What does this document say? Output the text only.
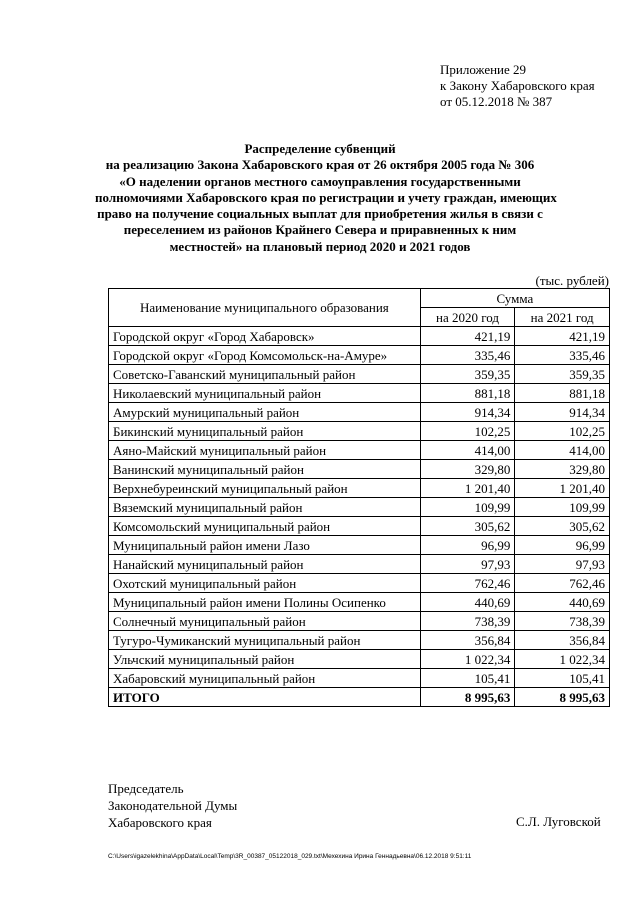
Приложение 29
к Закону Хабаровского края
от 05.12.2018 № 387
Распределение субвенций
на реализацию Закона Хабаровского края от 26 октября 2005 года № 306
«О наделении органов местного самоуправления государственными
полномочиями Хабаровского края по регистрации и учету граждан, имеющих
право на получение социальных выплат для приобретения жилья в связи с
переселением из районов Крайнего Севера и приравненных к ним
местностей» на плановый период 2020 и 2021 годов
(тыс. рублей)
Наименование муниципального образования	Сумма	
	на 2020 год	на 2021 год
Городской округ «Город Хабаровск»	421,19	421,19
Городской округ «Город Комсомольск-на-Амуре»	335,46	335,46
Советско-Гаванский муниципальный район	359,35	359,35
Николаевский муниципальный район	881,18	881,18
Амурский муниципальный район	914,34	914,34
Бикинский муниципальный район	102,25	102,25
Аяно-Майский муниципальный район	414,00	414,00
Ванинский муниципальный район	329,80	329,80
Верхнебуреинский муниципальный район	1 201,40	1 201,40
Вяземский муниципальный район	109,99	109,99
Комсомольский муниципальный район	305,62	305,62
Муниципальный район имени Лазо	96,99	96,99
Нанайский муниципальный район	97,93	97,93
Охотский муниципальный район	762,46	762,46
Муниципальный район имени Полины Осипенко	440,69	440,69
Солнечный муниципальный район	738,39	738,39
Тугуро-Чумиканский муниципальный район	356,84	356,84
Ульчский муниципальный район	1 022,34	1 022,34
Хабаровский муниципальный район	105,41	105,41
ИТОГО	8 995,63	8 995,63
Председатель
Законодательной Думы
Хабаровского края	С.Л. Луговской
C:\Users\igazelekhina\AppData\Local\Temp\3R_00387_05122018_029.txt\Мехехина Ирина Геннадьевна\06.12.2018 9:51:11
